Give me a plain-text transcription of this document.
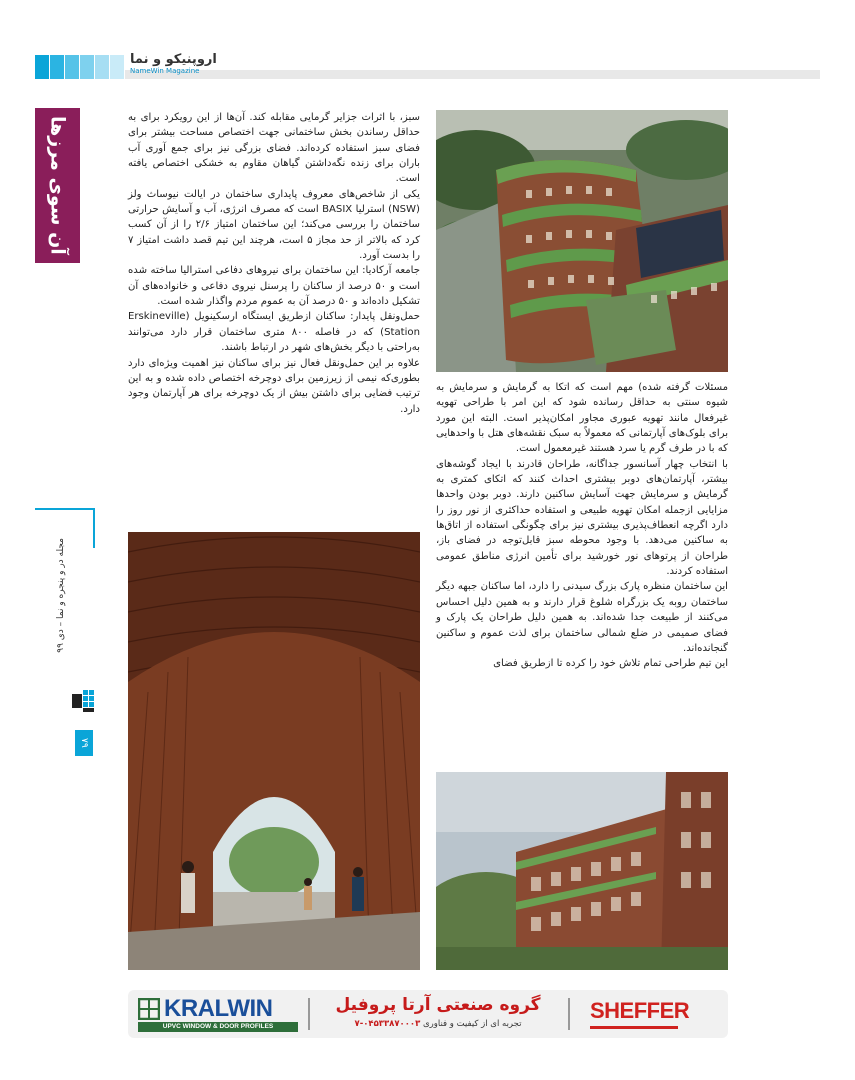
اروپنیکو و نما
NameWin Magazine
آن سوی مرزها
مجله در و پنجره و نما – دی ۹۹
۷۹

سبز، با اثرات جزایر گرمایی مقابله کند. آن‌ها از این رویکرد برای به حداقل رساندن بخش ساختمانی جهت اختصاص مساحت بیشتر برای فضای سبز استفاده کرده‌اند. فضای بزرگی نیز برای جمع آوری آب باران برای زنده نگه‌داشتن گیاهان مقاوم به خشکی اختصاص یافته است.

یکی از شاخص‌های معروف پایداری ساختمان در ایالت نیوساث ولز (NSW) استرلیا BASIX است که مصرف انرژی، آب و آسایش حرارتی ساختمان را بررسی می‌کند؛ این ساختمان امتیاز ۲/۶ را از آن کسب کرد که بالاتر از حد مجاز ۵ است، هرچند این تیم قصد داشت امتیاز ۷ را بدست آورد.

جامعه آرکادیا: این ساختمان برای نیروهای دفاعی استرالیا ساخته شده است و ۵۰ درصد از ساکنان را پرسنل نیروی دفاعی و خانواده‌های آن تشکیل داده‌اند و ۵۰ درصد آن به عموم مردم واگذار شده است.

حمل‌ونقل پایدار: ساکنان ازطریق ایستگاه ارسکینویل (Erskineville Station) که در فاصله ۸۰۰ متری ساختمان قرار دارد می‌توانند به‌راحتی با دیگر بخش‌های شهر در ارتباط باشند.

علاوه بر این حمل‌ونقل فعال نیز برای ساکنان نیز اهمیت ویژه‌ای دارد بطوری‌که نیمی از زیرزمین برای دوچرخه اختصاص داده شده و به این ترتیب فضایی برای داشتن بیش از یک دوچرخه برای هر آپارتمان وجود دارد.

مسئلات گرفته شده) مهم است که اتکا به گرمایش و سرمایش به شیوه سنتی به حداقل رسانده شود که این امر با طراحی تهویه غیرفعال مانند تهویه عبوری مجاور امکان‌پذیر است. البته این مورد برای بلوک‌های آپارتمانی که معمولاً به سبک نقشه‌های هتل با واحدهایی که با در طرف گرم یا سرد هستند غیرمعمول است.

با انتخاب چهار آسانسور جداگانه، طراحان قادرند با ایجاد گوشه‌های بیشتر، آپارتمان‌های دوبر بیشتری احداث کنند که اتکای کمتری به گرمایش و سرمایش جهت آسایش ساکنین دارند. دوبر بودن واحدها مزایایی ازجمله امکان تهویه طبیعی و استفاده حداکثری از نور روز را دارد اگرچه انعطاف‌پذیری بیشتری نیز برای چگونگی استفاده از اتاق‌ها به ساکنین می‌دهد. با وجود محوطه سبز قابل‌توجه در فضای باز، طراحان از پرتوهای نور خورشید برای تأمین انرژی مناطق عمومی استفاده کردند.

این ساختمان منظره پارک بزرگ سیدنی را دارد، اما ساکنان جبهه دیگر ساختمان روبه یک بزرگراه شلوغ قرار دارند و به همین دلیل احساس می‌کنند از طبیعت جدا شده‌اند. به همین دلیل طراحان یک پارک و فضای صمیمی در ضلع شمالی ساختمان برای لذت عموم و ساکنین گنجانده‌اند.

این تیم طراحی تمام تلاش خود را کرده تا ازطریق فضای

KRALWIN
UPVC WINDOW & DOOR PROFILES
گروه صنعتی آرتا پروفیل
تجربه ای از کیفیت و فناوری ۰۴۵۳۳۸۷۰۰۰۳-۷
SHEFFER
